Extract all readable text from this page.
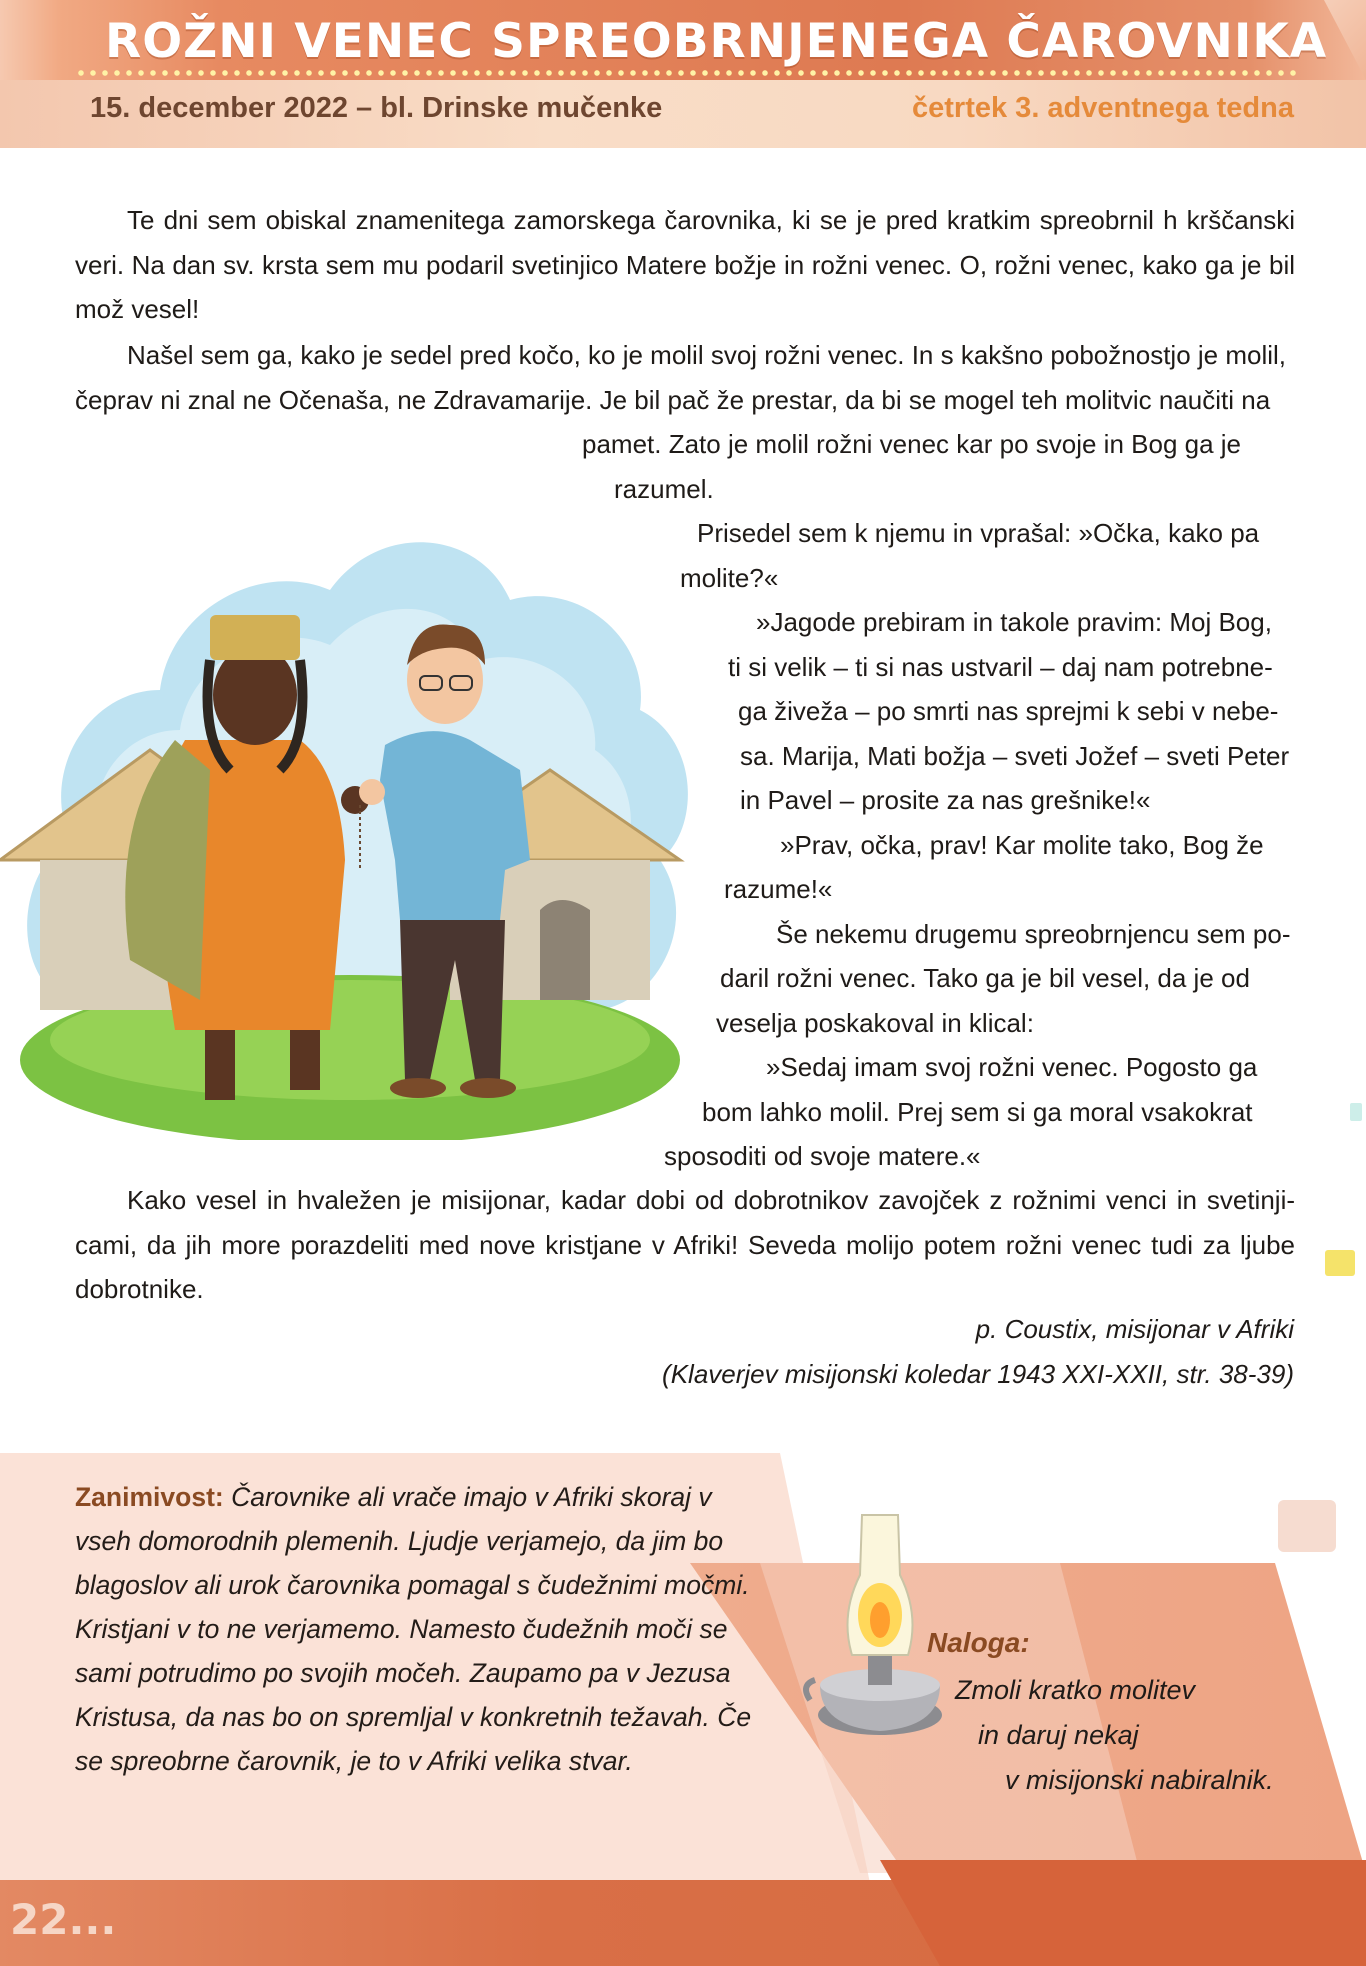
ROŽNI VENEC SPREOBRNJENEGA ČAROVNIKA
15. december 2022 – bl. Drinske mučenke	četrtek 3. adventnega tedna

Te dni sem obiskal znamenitega zamorskega čarovnika, ki se je pred kratkim spreobrnil h krščanski veri. Na dan sv. krsta sem mu podaril svetinjico Matere božje in rožni venec. O, rožni venec, kako ga je bil mož vesel!

Našel sem ga, kako je sedel pred kočo, ko je molil svoj rožni venec. In s kakšno pobožnostjo je molil,
čeprav ni znal ne Očenaša, ne Zdravamarije. Je bil pač že prestar, da bi se mogel teh molitvic naučiti na
pamet. Zato je molil rožni venec kar po svoje in Bog ga je
razumel.
Prisedel sem k njemu in vprašal: »Očka, kako pa
molite?«
»Jagode prebiram in takole pravim: Moj Bog,
ti si velik – ti si nas ustvaril – daj nam potrebne-
ga živeža – po smrti nas sprejmi k sebi v nebe-
sa. Marija, Mati božja – sveti Jožef – sveti Peter
in Pavel – prosite za nas grešnike!«
»Prav, očka, prav! Kar molite tako, Bog že
razume!«
Še nekemu drugemu spreobrnjencu sem po-
daril rožni venec. Tako ga je bil vesel, da je od
veselja poskakoval in klical:
»Sedaj imam svoj rožni venec. Pogosto ga
bom lahko molil. Prej sem si ga moral vsakokrat
sposoditi od svoje matere.«

Kako vesel in hvaležen je misijonar, kadar dobi od dobrotnikov zavojček z rožnimi venci in svetinji-cami, da jih more porazdeliti med nove kristjane v Afriki! Seveda molijo potem rožni venec tudi za ljube dobrotnike.

p. Coustix, misijonar v Afriki
(Klaverjev misijonski koledar 1943 XXI-XXII, str. 38-39)
Zanimivost: Čarovnike ali vrače imajo v Afriki skoraj v vseh domorodnih plemenih. Ljudje verjamejo, da jim bo blagoslov ali urok čarovnika pomagal s čudežnimi močmi. Kristjani v to ne verjamemo. Namesto čudežnih moči se sami potrudimo po svojih močeh. Zaupamo pa v Jezusa Kristusa, da nas bo on spremljal v konkretnih težavah. Če se spreobrne čarovnik, je to v Afriki velika stvar.
Naloga:
Zmoli kratko molitev
in daruj nekaj
v misijonski nabiralnik.
22...
